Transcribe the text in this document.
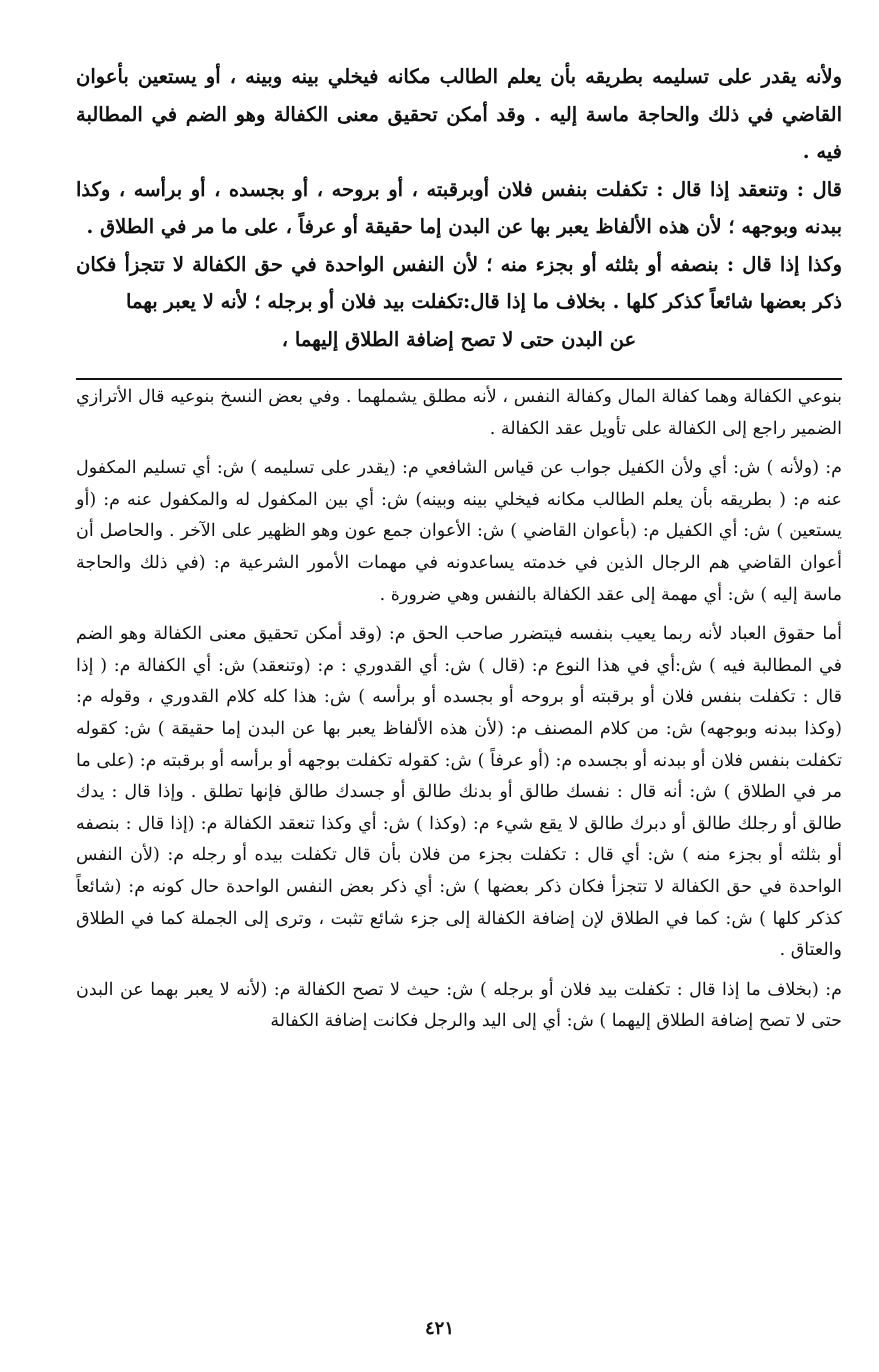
ولأنه يقدر على تسليمه بطريقه بأن يعلم الطالب مكانه فيخلي بينه وبينه ، أو يستعين بأعوان القاضي في ذلك والحاجة ماسة إليه . وقد أمكن تحقيق معنى الكفالة وهو الضم في المطالبة فيه .

قال : وتنعقد إذا قال : تكفلت بنفس فلان أوبرقبته ، أو بروحه ، أو بجسده ، أو برأسه ، وكذا ببدنه وبوجهه ؛ لأن هذه الألفاظ يعبر بها عن البدن إما حقيقة أو عرفاً ، على ما مر في الطلاق .

وكذا إذا قال : بنصفه أو بثلثه أو بجزء منه ؛ لأن النفس الواحدة في حق الكفالة لا تتجزأ فكان ذكر بعضها شائعاً كذكر كلها . بخلاف ما إذا قال:تكفلت بيد فلان أو برجله ؛ لأنه لا يعبر بهما

عن البدن حتى لا تصح إضافة الطلاق إليهما ،

بنوعي الكفالة وهما كفالة المال وكفالة النفس ، لأنه مطلق يشملهما . وفي بعض النسخ بنوعيه قال الأترازي الضمير راجع إلى الكفالة على تأويل عقد الكفالة .

م: (ولأنه ) ش: أي ولأن الكفيل جواب عن قياس الشافعي م: (يقدر على تسليمه ) ش: أي تسليم المكفول عنه م: ( بطريقه بأن يعلم الطالب مكانه فيخلي بينه وبينه) ش: أي بين المكفول له والمكفول عنه م: (أو يستعين ) ش: أي الكفيل م: (بأعوان القاضي ) ش: الأعوان جمع عون وهو الظهير على الآخر . والحاصل أن أعوان القاضي هم الرجال الذين في خدمته يساعدونه في مهمات الأمور الشرعية م: (في ذلك والحاجة ماسة إليه ) ش: أي مهمة إلى عقد الكفالة بالنفس وهي ضرورة .

أما حقوق العباد لأنه ربما يعيب بنفسه فيتضرر صاحب الحق م: (وقد أمكن تحقيق معنى الكفالة وهو الضم في المطالبة فيه ) ش:أي في هذا النوع م: (قال ) ش: أي القدوري : م: (وتنعقد) ش: أي الكفالة م: ( إذا قال : تكفلت بنفس فلان أو برقبته أو بروحه أو بجسده أو برأسه ) ش: هذا كله كلام القدوري ، وقوله م: (وكذا ببدنه وبوجهه) ش: من كلام المصنف م: (لأن هذه الألفاظ يعبر بها عن البدن إما حقيقة ) ش: كقوله تكفلت بنفس فلان أو ببدنه أو بجسده م: (أو عرفاً ) ش: كقوله تكفلت بوجهه أو برأسه أو برقبته م: (على ما مر في الطلاق ) ش: أنه قال : نفسك طالق أو بدنك طالق أو جسدك طالق فإنها تطلق . وإذا قال : يدك طالق أو رجلك طالق أو دبرك طالق لا يقع شيء م: (وكذا ) ش: أي وكذا تنعقد الكفالة م: (إذا قال : بنصفه أو بثلثه أو بجزء منه ) ش: أي قال : تكفلت بجزء من فلان بأن قال تكفلت بيده أو رجله م: (لأن النفس الواحدة في حق الكفالة لا تتجزأ فكان ذكر بعضها ) ش: أي ذكر بعض النفس الواحدة حال كونه م: (شائعاً كذكر كلها ) ش: كما في الطلاق لإن إضافة الكفالة إلى جزء شائع تثبت ، وترى إلى الجملة كما في الطلاق والعتاق .

م: (بخلاف ما إذا قال : تكفلت بيد فلان أو برجله ) ش: حيث لا تصح الكفالة م: (لأنه لا يعبر بهما عن البدن حتى لا تصح إضافة الطلاق إليهما ) ش: أي إلى اليد والرجل فكانت إضافة الكفالة

٤٢١
